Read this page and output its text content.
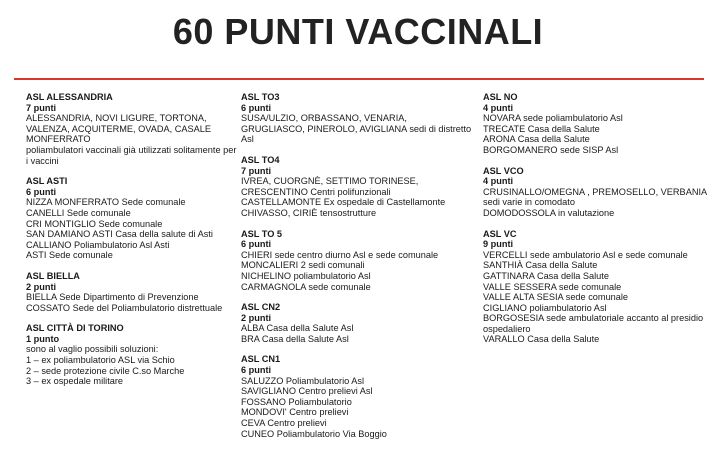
60 PUNTI VACCINALI
ASL ALESSANDRIA
7 punti
ALESSANDRIA, NOVI LIGURE, TORTONA, VALENZA, ACQUITERME, OVADA, CASALE MONFERRATO
poliambulatori vaccinali già utilizzati solitamente per i vaccini
ASL ASTI
6 punti
NIZZA MONFERRATO Sede comunale
CANELLI Sede comunale
CRI MONTIGLIO Sede comunale
SAN DAMIANO ASTI Casa della salute di Asti
CALLIANO Poliambulatorio Asl Asti
ASTI Sede comunale
ASL BIELLA
2 punti
BIELLA Sede Dipartimento di Prevenzione
COSSATO Sede del Poliambulatorio distrettuale
ASL CITTÀ DI TORINO
1 punto
sono al vaglio possibili soluzioni:
1 – ex poliambulatorio ASL via Schio
2 – sede protezione civile C.so Marche
3 – ex ospedale militare
ASL TO3
6 punti
SUSA/ULZIO, ORBASSANO, VENARIA, GRUGLIASCO, PINEROLO, AVIGLIANA sedi di distretto Asl
ASL TO4
7 punti
IVREA, CUORGNÈ, SETTIMO TORINESE,
CRESCENTINO Centri polifunzionali
CASTELLAMONTE Ex ospedale di Castellamonte
CHIVASSO, CIRIÈ tensostrutture
ASL TO 5
6 punti
CHIERI sede centro diurno Asl e sede comunale
MONCALIERI 2 sedi comunali
NICHELINO poliambulatorio Asl
CARMAGNOLA sede comunale
ASL CN2
2 punti
ALBA Casa della Salute Asl
BRA Casa della Salute Asl
ASL CN1
6 punti
SALUZZO Poliambulatorio Asl
SAVIGLIANO Centro prelievi Asl
FOSSANO Poliambulatorio
MONDOVI' Centro prelievi
CEVA Centro prelievi
CUNEO Poliambulatorio Via Boggio
ASL NO
4 punti
NOVARA sede poliambulatorio Asl
TRECATE Casa della Salute
ARONA Casa della Salute
BORGOMANERO sede SISP Asl
ASL VCO
4 punti
CRUSINALLO/OMEGNA , PREMOSELLO, VERBANIA sedi varie in comodato
DOMODOSSOLA in valutazione
ASL VC
9 punti
VERCELLI sede ambulatorio Asl e sede comunale
SANTHIÀ Casa della Salute
GATTINARA Casa della Salute
VALLE SESSERA sede comunale
VALLE ALTA SESIA sede comunale
CIGLIANO poliambulatorio Asl
BORGOSESIA sede ambulatoriale accanto al presidio ospedaliero
VARALLO Casa della Salute
